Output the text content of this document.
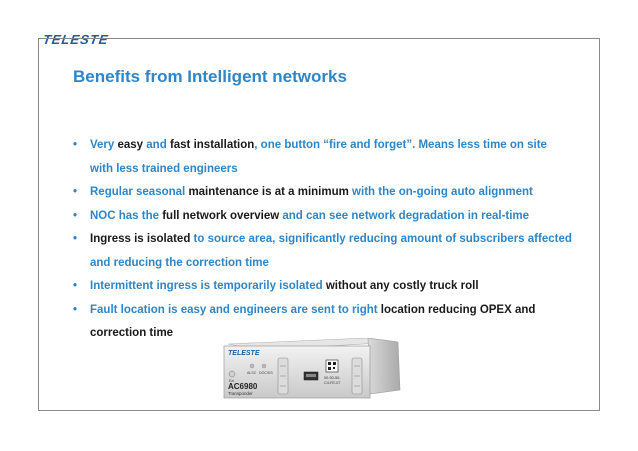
TELESTE
Benefits from Intelligent networks
• Very easy and fast installation, one button “fire and forget”. Means less time on site with less trained engineers
• Regular seasonal maintenance is at a minimum with the on-going auto alignment
• NOC has the full network overview and can see network degradation in real-time
• Ingress is isolated to source area, significantly reducing amount of subscribers affected and reducing the correction time
• Intermittent ingress is temporarily isolated without any costly truck roll
• Fault location is easy and engineers are sent to right location reducing OPEX and correction time
TELESTE
ALSC DOCSIS
Ext
AC6980
Transponder
00-90-50-
C4-FE-07
